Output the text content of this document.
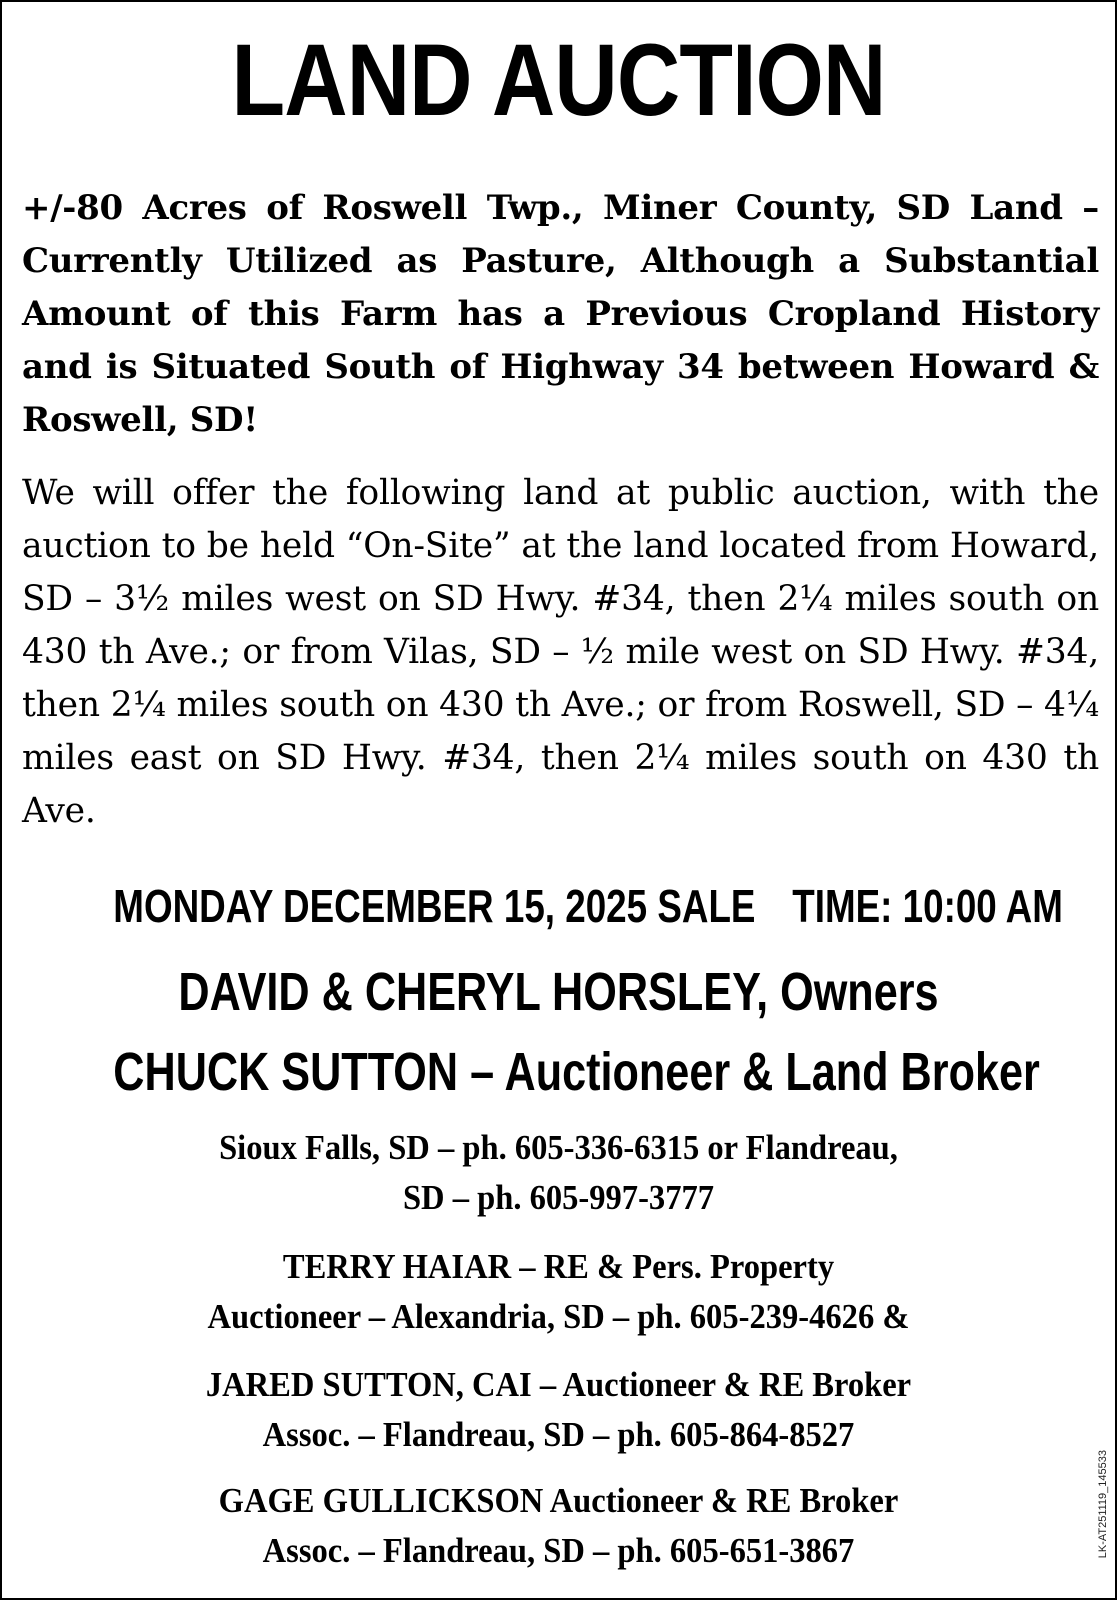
LAND AUCTION

+/-80 Acres of Roswell Twp., Miner County, SD Land – Currently Utilized as Pasture, Although a Substantial Amount of this Farm has a Previous Cropland History and is Situated South of Highway 34 between Howard & Roswell, SD!

We will offer the following land at public auction, with the auction to be held “On-Site” at the land located from Howard, SD – 3½ miles west on SD Hwy. #34, then 2¼ miles south on 430 th Ave.; or from Vilas, SD – ½ mile west on SD Hwy. #34, then 2¼ miles south on 430 th Ave.; or from Roswell, SD – 4¼ miles east on SD Hwy. #34, then 2¼ miles south on 430 th Ave.

MONDAY DECEMBER 15, 2025 SALE TIME: 10:00 AM
DAVID & CHERYL HORSLEY, Owners
CHUCK SUTTON – Auctioneer & Land Broker
Sioux Falls, SD – ph. 605-336-6315 or Flandreau,
SD – ph. 605-997-3777
TERRY HAIAR – RE & Pers. Property
Auctioneer – Alexandria, SD – ph. 605-239-4626 &
JARED SUTTON, CAI – Auctioneer & RE Broker
Assoc. – Flandreau, SD – ph. 605-864-8527
GAGE GULLICKSON Auctioneer & RE Broker
Assoc. – Flandreau, SD – ph. 605-651-3867	LK-AT251119_145533
